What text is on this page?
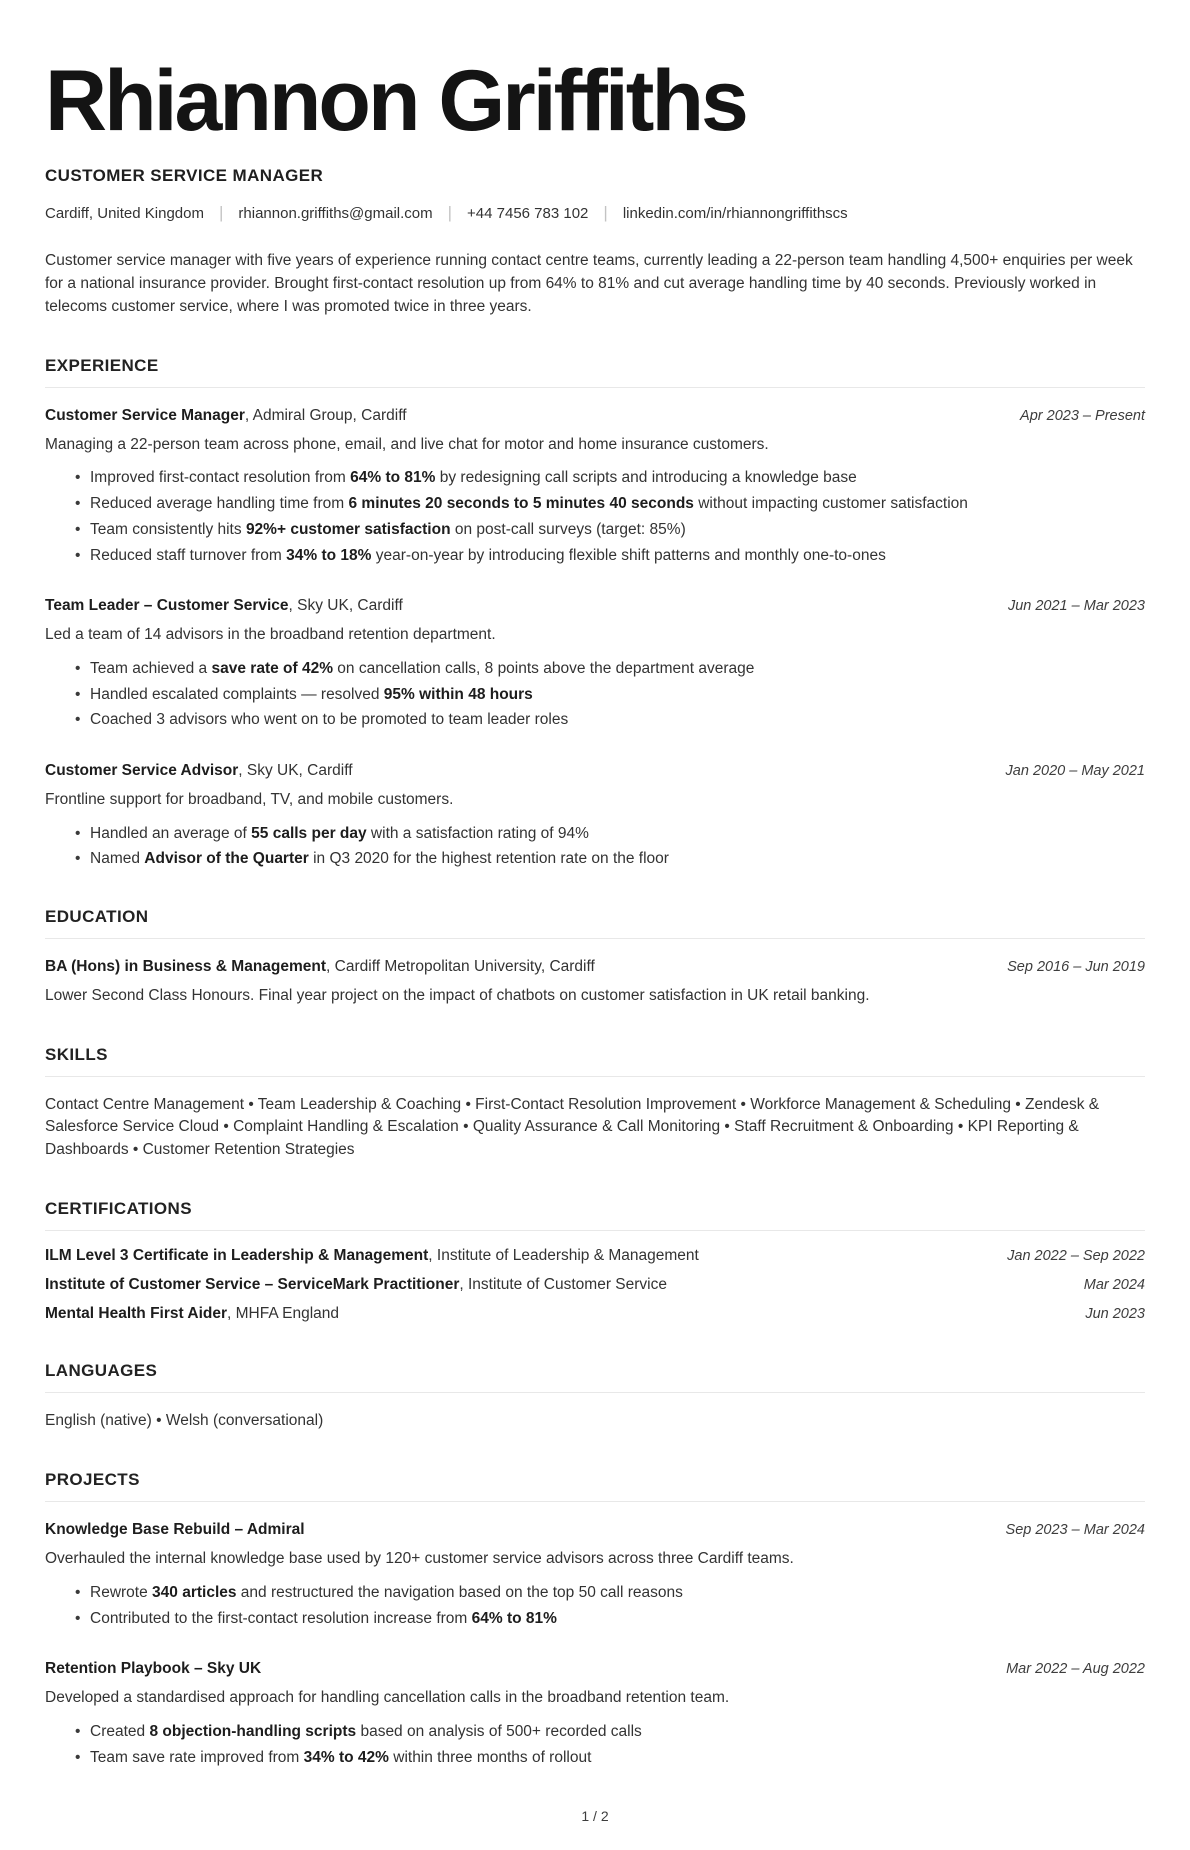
Rhiannon Griffiths

CUSTOMER SERVICE MANAGER

Cardiff, United Kingdom | rhiannon.griffiths@gmail.com | +44 7456 783 102 | linkedin.com/in/rhiannongriffithscs

Customer service manager with five years of experience running contact centre teams, currently leading a 22-person team handling 4,500+ enquiries per week for a national insurance provider. Brought first-contact resolution up from 64% to 81% and cut average handling time by 40 seconds. Previously worked in telecoms customer service, where I was promoted twice in three years.

EXPERIENCE

Customer Service Manager, Admiral Group, Cardiff	Apr 2023 – Present

Managing a 22-person team across phone, email, and live chat for motor and home insurance customers.

• Improved first-contact resolution from 64% to 81% by redesigning call scripts and introducing a knowledge base
• Reduced average handling time from 6 minutes 20 seconds to 5 minutes 40 seconds without impacting customer satisfaction
• Team consistently hits 92%+ customer satisfaction on post-call surveys (target: 85%)
• Reduced staff turnover from 34% to 18% year-on-year by introducing flexible shift patterns and monthly one-to-ones

Team Leader – Customer Service, Sky UK, Cardiff	Jun 2021 – Mar 2023

Led a team of 14 advisors in the broadband retention department.

• Team achieved a save rate of 42% on cancellation calls, 8 points above the department average
• Handled escalated complaints — resolved 95% within 48 hours
• Coached 3 advisors who went on to be promoted to team leader roles

Customer Service Advisor, Sky UK, Cardiff	Jan 2020 – May 2021

Frontline support for broadband, TV, and mobile customers.

• Handled an average of 55 calls per day with a satisfaction rating of 94%
• Named Advisor of the Quarter in Q3 2020 for the highest retention rate on the floor
EDUCATION

BA (Hons) in Business & Management, Cardiff Metropolitan University, Cardiff	Sep 2016 – Jun 2019

Lower Second Class Honours. Final year project on the impact of chatbots on customer satisfaction in UK retail banking.

SKILLS

Contact Centre Management • Team Leadership & Coaching • First-Contact Resolution Improvement • Workforce Management & Scheduling • Zendesk & Salesforce Service Cloud • Complaint Handling & Escalation • Quality Assurance & Call Monitoring • Staff Recruitment & Onboarding • KPI Reporting & Dashboards • Customer Retention Strategies

CERTIFICATIONS

ILM Level 3 Certificate in Leadership & Management, Institute of Leadership & Management	Jan 2022 – Sep 2022

Institute of Customer Service – ServiceMark Practitioner, Institute of Customer Service	Mar 2024

Mental Health First Aider, MHFA England	Jun 2023
LANGUAGES

English (native) • Welsh (conversational)

PROJECTS

Knowledge Base Rebuild – Admiral	Sep 2023 – Mar 2024

Overhauled the internal knowledge base used by 120+ customer service advisors across three Cardiff teams.

• Rewrote 340 articles and restructured the navigation based on the top 50 call reasons
• Contributed to the first-contact resolution increase from 64% to 81%

Retention Playbook – Sky UK	Mar 2022 – Aug 2022

Developed a standardised approach for handling cancellation calls in the broadband retention team.

• Created 8 objection-handling scripts based on analysis of 500+ recorded calls
• Team save rate improved from 34% to 42% within three months of rollout
1 / 2
